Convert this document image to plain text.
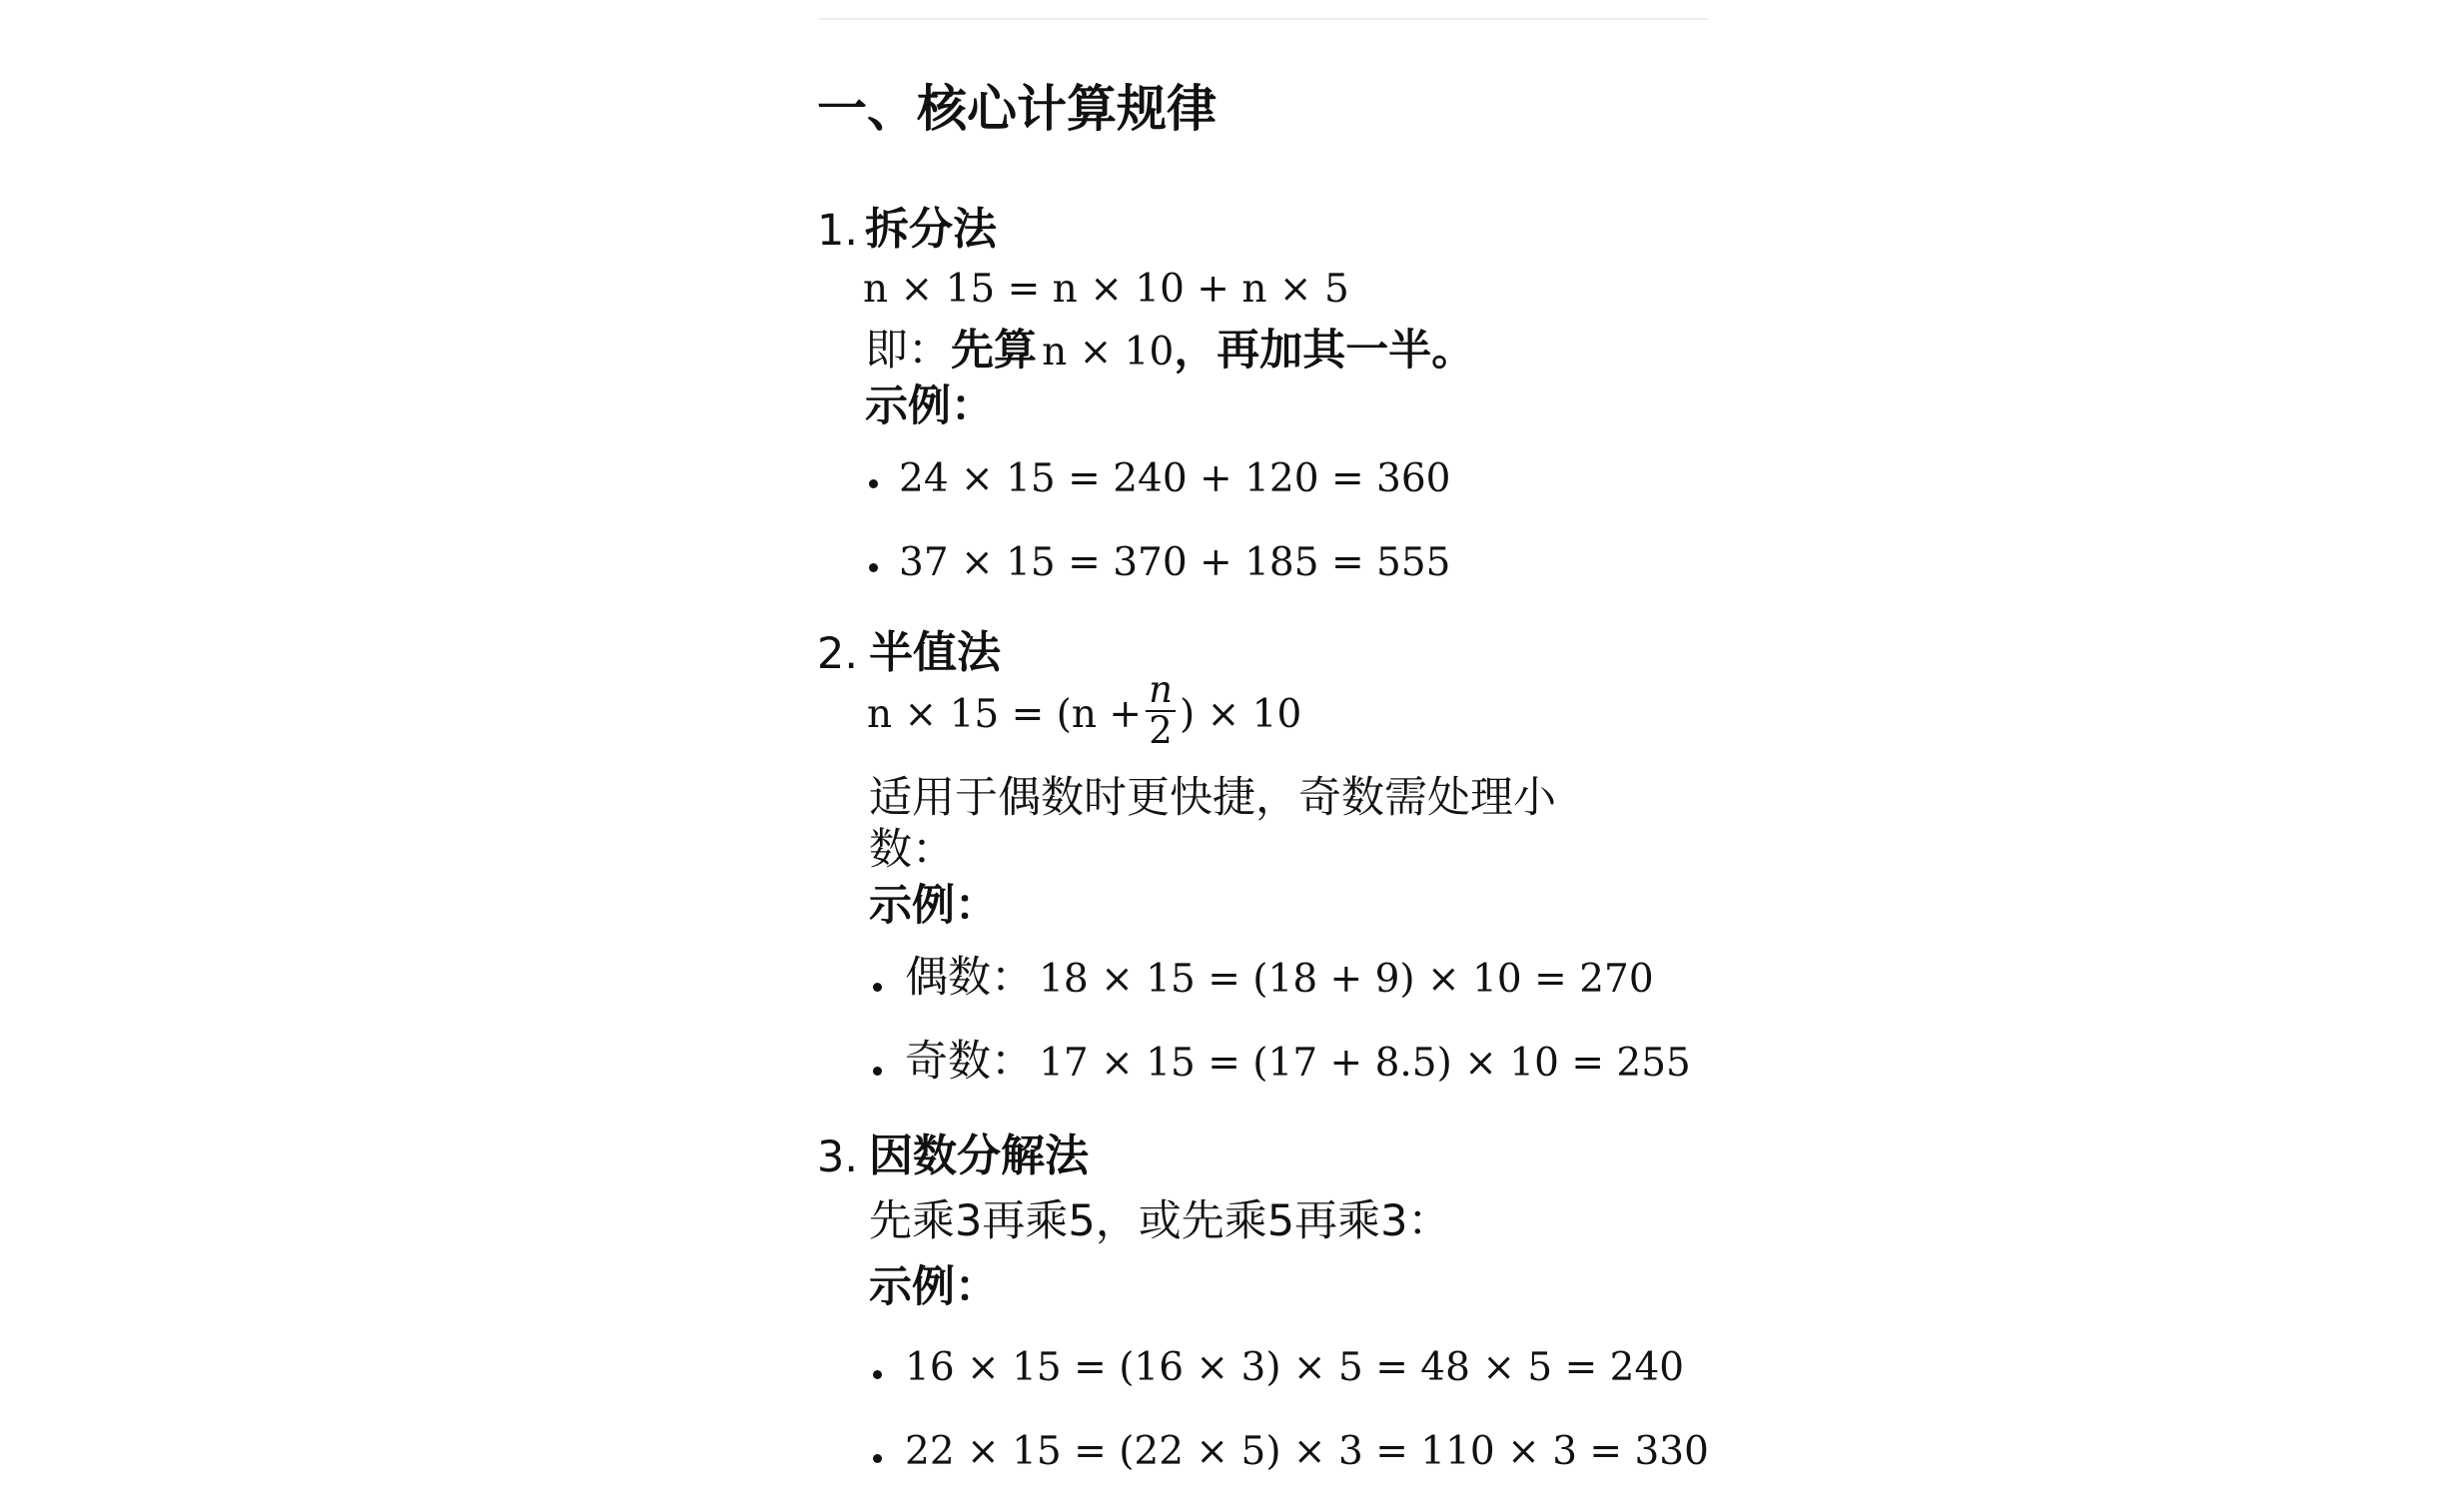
一、核心计算规律
1. 拆分法
n × 15 = n × 10 + n × 5
即：先算 n × 10，再加其一半。
示例：
24 × 15 = 240 + 120 = 360
37 × 15 = 370 + 185 = 555
2. 半值法
$n \times 15 = (n + \frac{n}{2}$ ) × 10
适用于偶数时更快捷，奇数需处理小
数：
示例：
偶数： 18 × 15 = (18 + 9) × 10 = 270
奇数： 17 × 15 = (17 + 8.5) × 10 = 255
3. 因数分解法
先乘3再乘5，或先乘5再乘3：
示例：
16 × 15 = (16 × 3) × 5 = 48 × 5 = 240
22 × 15 = (22 × 5) × 3 = 110 × 3 = 330
